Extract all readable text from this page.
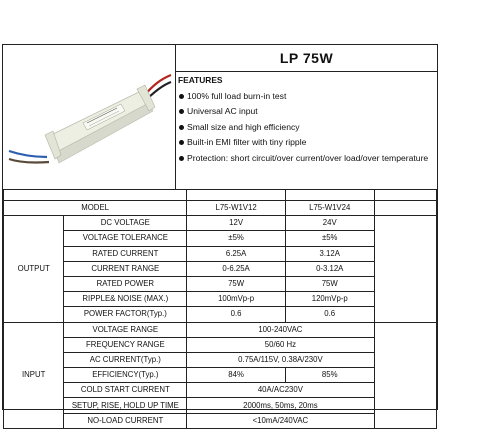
LP 75W
FEATURES
100% full load burn-in test
Universal AC input
Small size and high efficiency
Built-in EMI filter with tiny ripple
Protection: short circuit/over current/over load/over temperature

MODEL		L75-W1V12	L75-W1V24	
OUTPUT	DC VOLTAGE	12V	24V	
	VOLTAGE TOLERANCE	±5%	±5%	
	RATED CURRENT	6.25A	3.12A	
	CURRENT RANGE	0-6.25A	0-3.12A	
	RATED POWER	75W	75W	
	RIPPLE& NOISE (MAX.)	100mVp-p	120mVp-p	
	POWER FACTOR(Typ.)	0.6	0.6	
INPUT	VOLTAGE RANGE	100-240VAC		
	FREQUENCY RANGE	50/60 Hz		
	AC CURRENT(Typ.)	0.75A/115V, 0.38A/230V		
	EFFICIENCY(Typ.)	84%	85%	
	COLD START CURRENT	40A/AC230V		
	SETUP, RISE, HOLD UP TIME	2000ms, 50ms, 20ms		
	NO-LOAD CURRENT	<10mA/240VAC		
